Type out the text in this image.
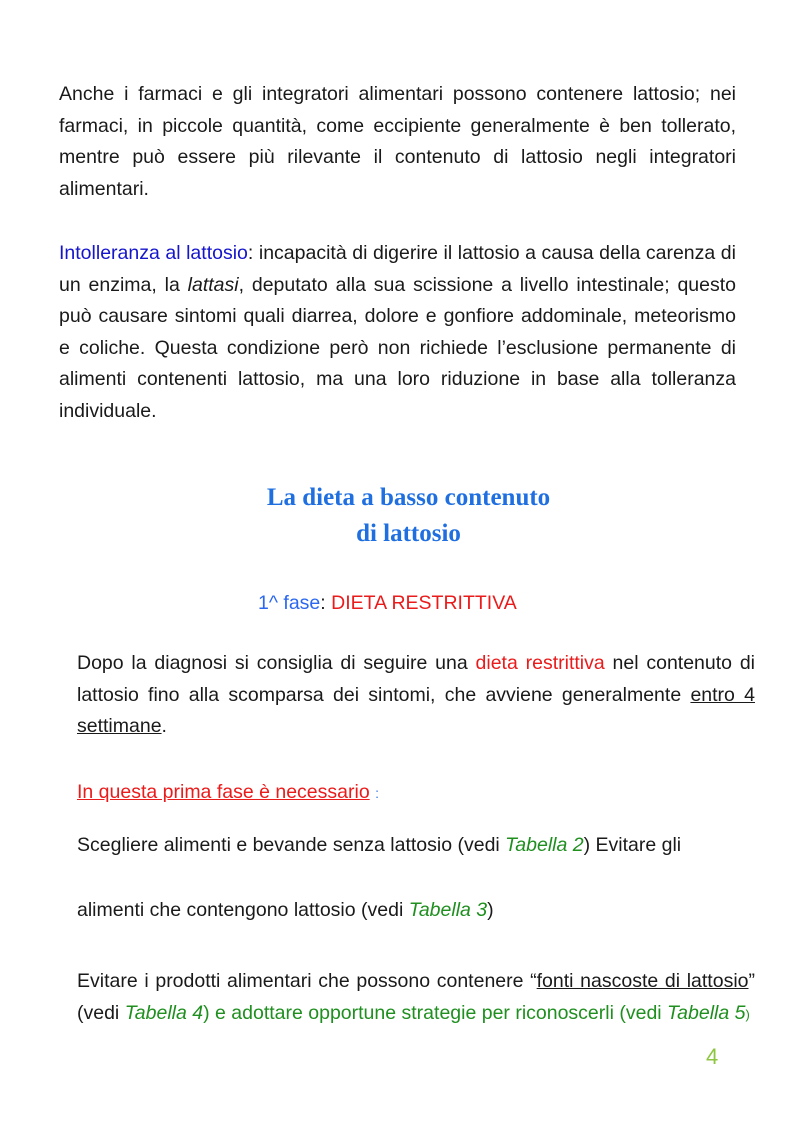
Anche i farmaci e gli integratori alimentari possono contenere lattosio; nei farmaci, in piccole quantità, come eccipiente generalmente è ben tollerato, mentre può essere più rilevante il contenuto di lattosio negli integratori alimentari.

Intolleranza al lattosio: incapacità di digerire il lattosio a causa della carenza di un enzima, la lattasi, deputato alla sua scissione a livello intestinale; questo può causare sintomi quali diarrea, dolore e gonfiore addominale, meteorismo e coliche. Questa condizione però non richiede l’esclusione permanente di alimenti contenenti lattosio, ma una loro riduzione in base alla tolleranza individuale.

La dieta a basso contenuto
di lattosio

1^ fase: DIETA RESTRITTIVA

Dopo la diagnosi si consiglia di seguire una dieta restrittiva nel contenuto di lattosio fino alla scomparsa dei sintomi, che avviene generalmente entro 4 settimane.

In questa prima fase è necessario :

Scegliere alimenti e bevande senza lattosio (vedi Tabella 2) Evitare gli

alimenti che contengono lattosio (vedi Tabella 3)

Evitare i prodotti alimentari che possono contenere “fonti nascoste di lattosio” (vedi Tabella 4) e adottare opportune strategie per riconoscerli (vedi Tabella 5)

4
